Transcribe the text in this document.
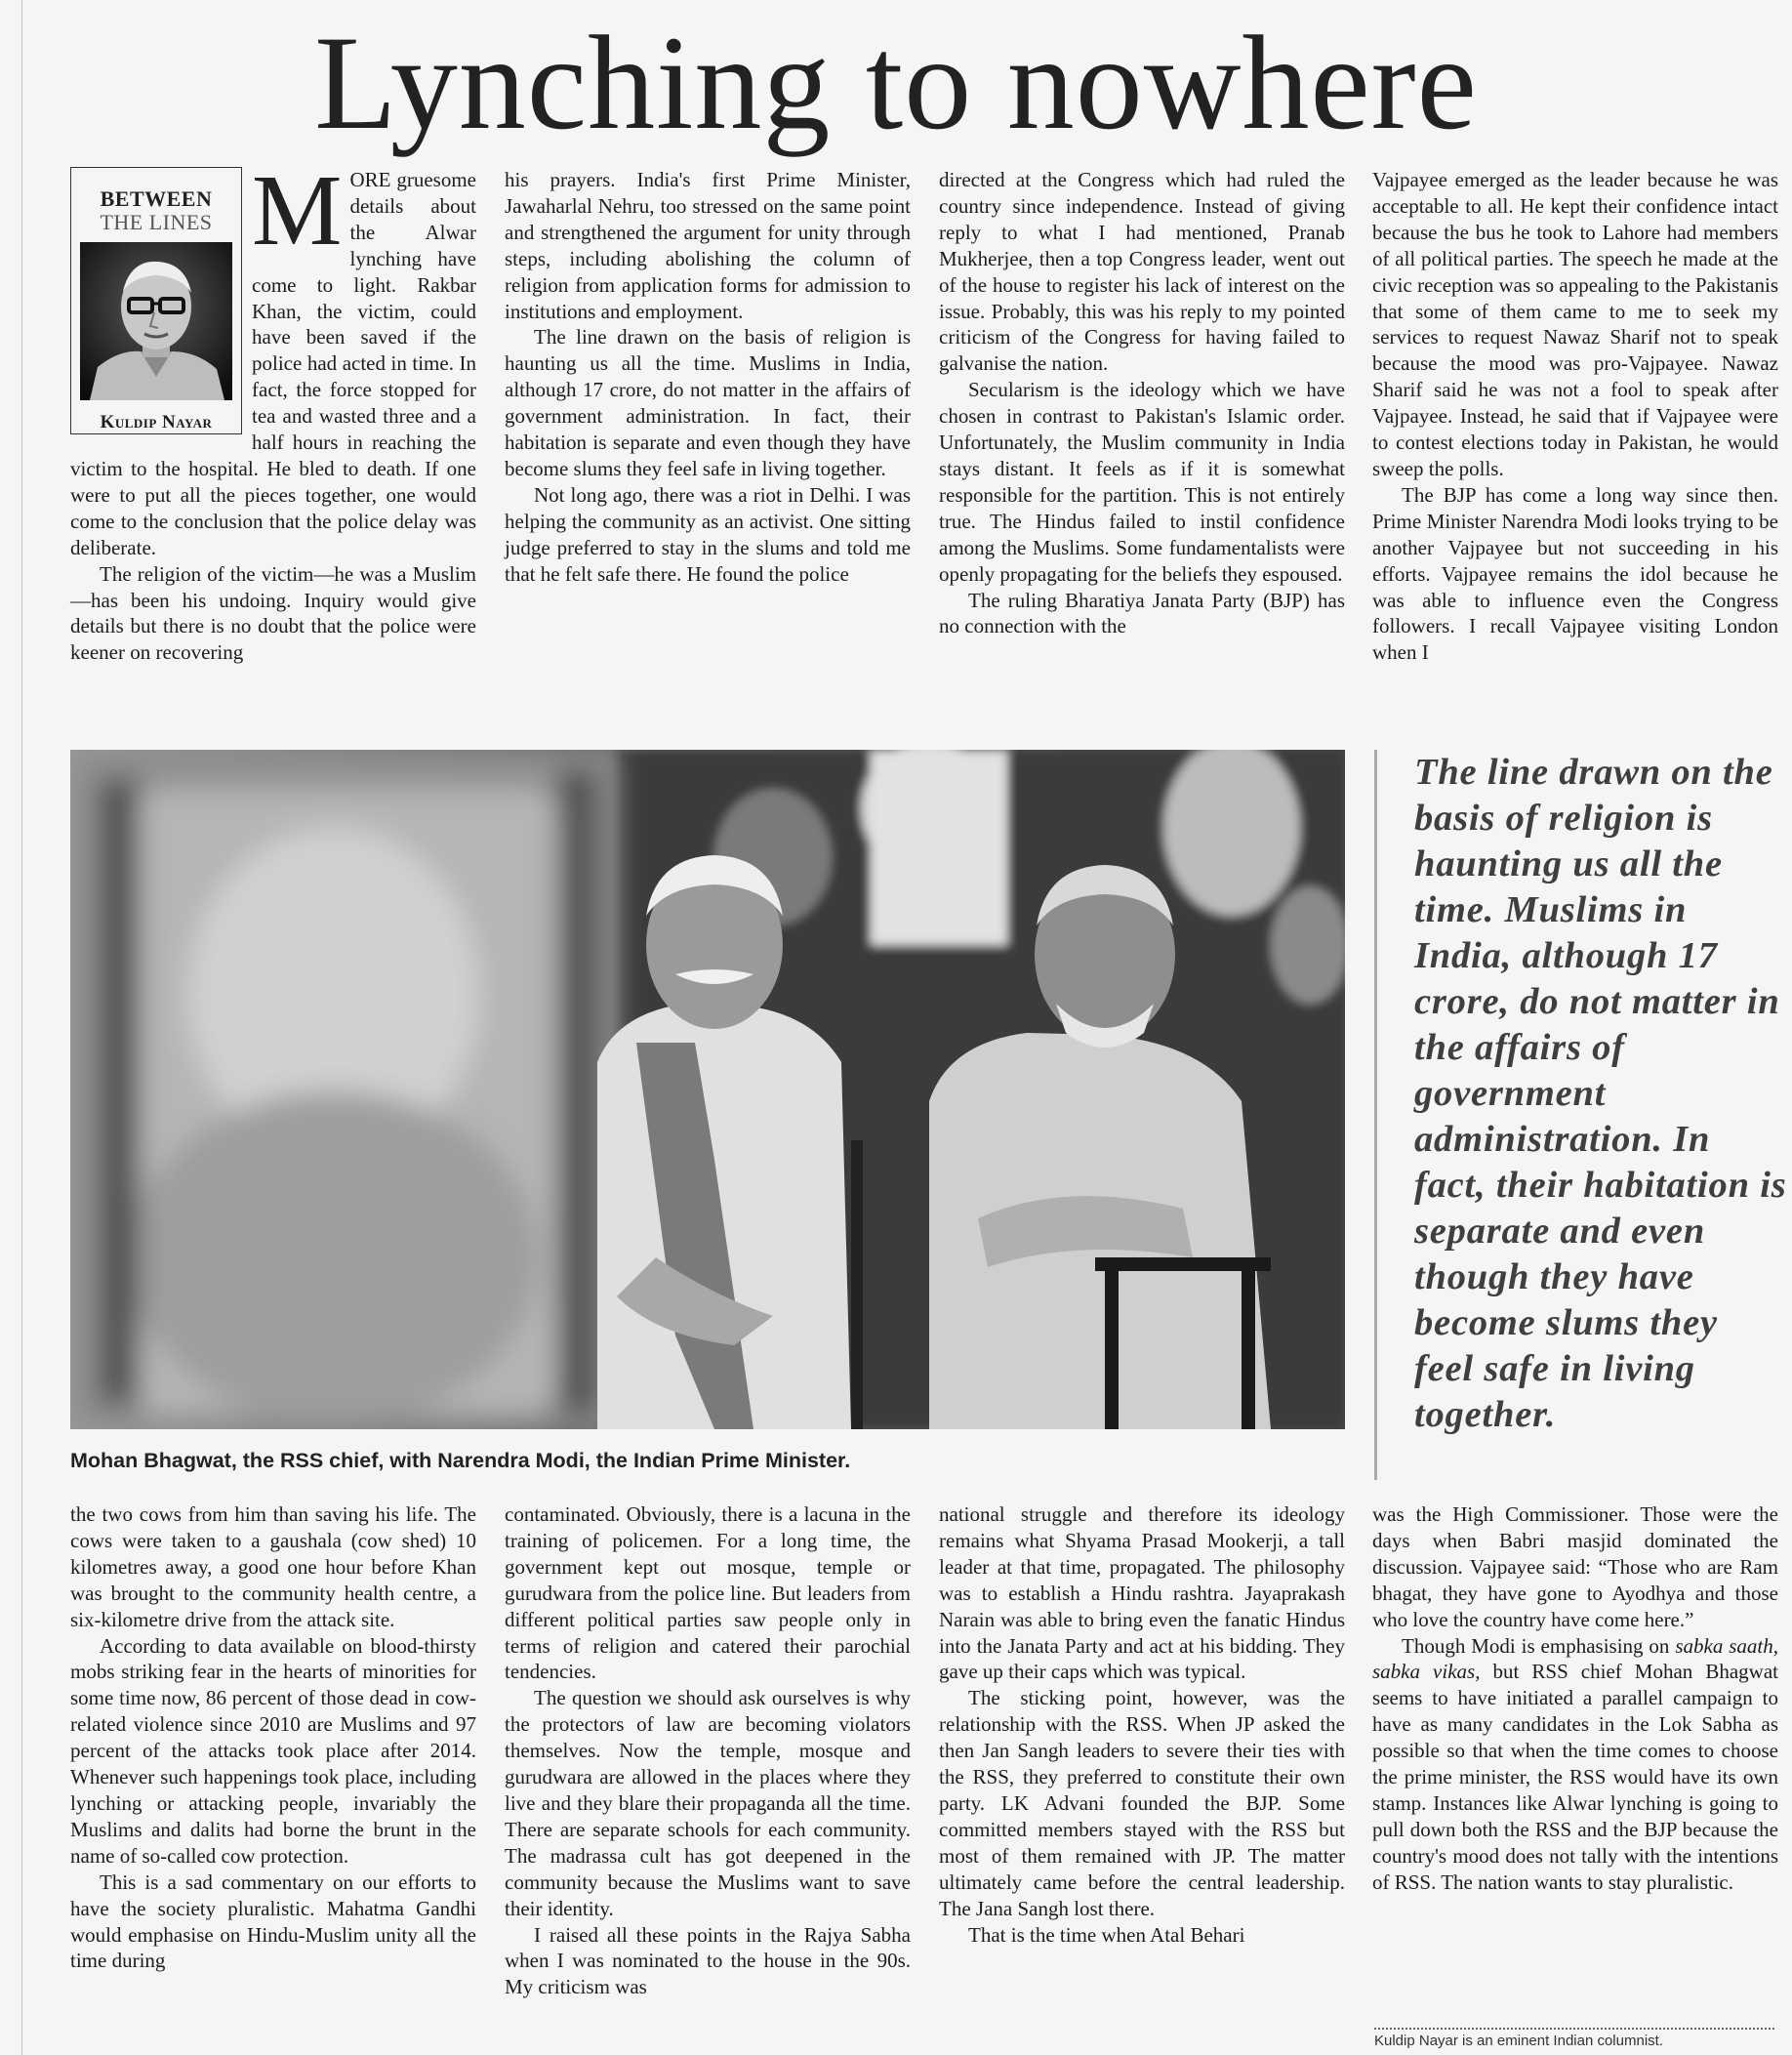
Lynching to nowhere
BETWEEN
THE LINES
Kuldip Nayar
M ORE gruesome details about the Alwar lynching have come to light. Rakbar Khan, the victim, could have been saved if the police had acted in time. In fact, the force stopped for tea and wasted three and a half hours in reaching the victim to the hospital. He bled to death. If one were to put all the pieces together, one would come to the conclusion that the police delay was deliberate.

The religion of the victim—he was a Muslim—has been his undoing. Inquiry would give details but there is no doubt that the police were keener on recovering

his prayers. India's first Prime Minister, Jawaharlal Nehru, too stressed on the same point and strengthened the argument for unity through steps, including abolishing the column of religion from application forms for admission to institutions and employment.

The line drawn on the basis of religion is haunting us all the time. Muslims in India, although 17 crore, do not matter in the affairs of government administration. In fact, their habitation is separate and even though they have become slums they feel safe in living together.

Not long ago, there was a riot in Delhi. I was helping the community as an activist. One sitting judge preferred to stay in the slums and told me that he felt safe there. He found the police

directed at the Congress which had ruled the country since independence. Instead of giving reply to what I had mentioned, Pranab Mukherjee, then a top Congress leader, went out of the house to register his lack of interest on the issue. Probably, this was his reply to my pointed criticism of the Congress for having failed to galvanise the nation.

Secularism is the ideology which we have chosen in contrast to Pakistan's Islamic order. Unfortunately, the Muslim community in India stays distant. It feels as if it is somewhat responsible for the partition. This is not entirely true. The Hindus failed to instil confidence among the Muslims. Some fundamentalists were openly propagating for the beliefs they espoused.

The ruling Bharatiya Janata Party (BJP) has no connection with the

Vajpayee emerged as the leader because he was acceptable to all. He kept their confidence intact because the bus he took to Lahore had members of all political parties. The speech he made at the civic reception was so appealing to the Pakistanis that some of them came to me to seek my services to request Nawaz Sharif not to speak because the mood was pro-Vajpayee. Nawaz Sharif said he was not a fool to speak after Vajpayee. Instead, he said that if Vajpayee were to contest elections today in Pakistan, he would sweep the polls.

The BJP has come a long way since then. Prime Minister Narendra Modi looks trying to be another Vajpayee but not succeeding in his efforts. Vajpayee remains the idol because he was able to influence even the Congress followers. I recall Vajpayee visiting London when I

Mohan Bhagwat, the RSS chief, with Narendra Modi, the Indian Prime Minister.

The line drawn on the basis of religion is haunting us all the time. Muslims in India, although 17 crore, do not matter in the affairs of government administration. In fact, their habitation is separate and even though they have become slums they feel safe in living together.

the two cows from him than saving his life. The cows were taken to a gaushala (cow shed) 10 kilometres away, a good one hour before Khan was brought to the community health centre, a six-kilometre drive from the attack site.

According to data available on blood-thirsty mobs striking fear in the hearts of minorities for some time now, 86 percent of those dead in cow-related violence since 2010 are Muslims and 97 percent of the attacks took place after 2014. Whenever such happenings took place, including lynching or attacking people, invariably the Muslims and dalits had borne the brunt in the name of so-called cow protection.

This is a sad commentary on our efforts to have the society pluralistic. Mahatma Gandhi would emphasise on Hindu-Muslim unity all the time during

contaminated. Obviously, there is a lacuna in the training of policemen. For a long time, the government kept out mosque, temple or gurudwara from the police line. But leaders from different political parties saw people only in terms of religion and catered their parochial tendencies.

The question we should ask ourselves is why the protectors of law are becoming violators themselves. Now the temple, mosque and gurudwara are allowed in the places where they live and they blare their propaganda all the time. There are separate schools for each community. The madrassa cult has got deepened in the community because the Muslims want to save their identity.

I raised all these points in the Rajya Sabha when I was nominated to the house in the 90s. My criticism was

national struggle and therefore its ideology remains what Shyama Prasad Mookerji, a tall leader at that time, propagated. The philosophy was to establish a Hindu rashtra. Jayaprakash Narain was able to bring even the fanatic Hindus into the Janata Party and act at his bidding. They gave up their caps which was typical.

The sticking point, however, was the relationship with the RSS. When JP asked the then Jan Sangh leaders to severe their ties with the RSS, they preferred to constitute their own party. LK Advani founded the BJP. Some committed members stayed with the RSS but most of them remained with JP. The matter ultimately came before the central leadership. The Jana Sangh lost there.

That is the time when Atal Behari

was the High Commissioner. Those were the days when Babri masjid dominated the discussion. Vajpayee said: “Those who are Ram bhagat, they have gone to Ayodhya and those who love the country have come here.”

Though Modi is emphasising on sabka saath, sabka vikas, but RSS chief Mohan Bhagwat seems to have initiated a parallel campaign to have as many candidates in the Lok Sabha as possible so that when the time comes to choose the prime minister, the RSS would have its own stamp. Instances like Alwar lynching is going to pull down both the RSS and the BJP because the country's mood does not tally with the intentions of RSS. The nation wants to stay pluralistic.

Kuldip Nayar is an eminent Indian columnist.
